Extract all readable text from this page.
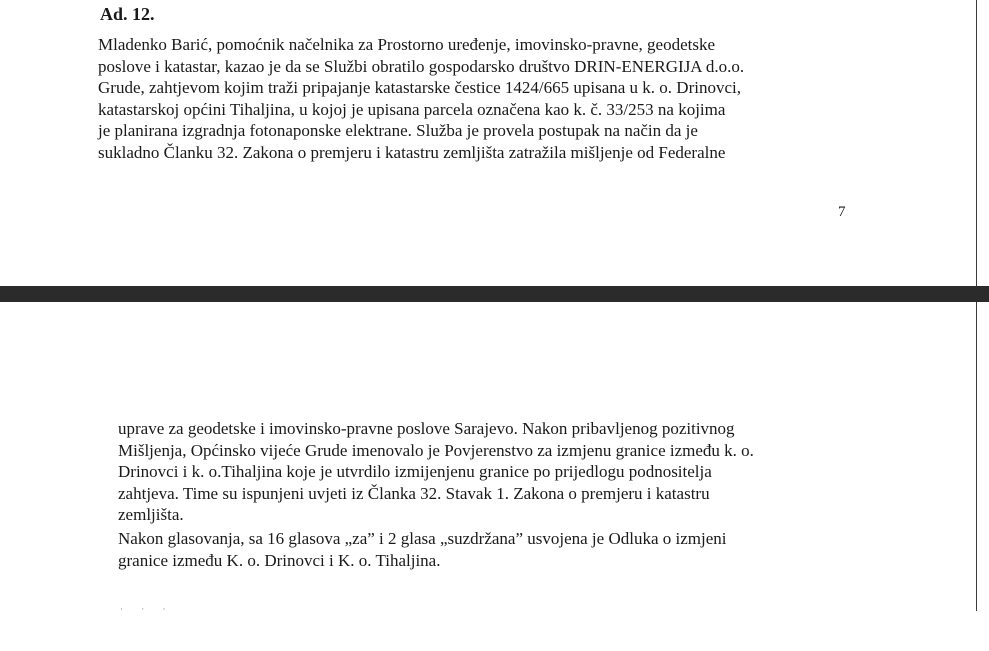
Ad. 12.
Mladenko Barić, pomoćnik načelnika za Prostorno uređenje, imovinsko-pravne, geodetske
poslove i katastar, kazao je da se Službi obratilo gospodarsko društvo DRIN-ENERGIJA d.o.o.
Grude, zahtjevom kojim traži pripajanje katastarske čestice 1424/665 upisana u k. o. Drinovci,
katastarskoj općini Tihaljina, u kojoj je upisana parcela označena kao k. č. 33/253 na kojima
je planirana izgradnja fotonaponske elektrane. Služba je provela postupak na način da je
sukladno Članku 32. Zakona o premjeru i katastru zemljišta zatražila mišljenje od Federalne
7
uprave za geodetske i imovinsko-pravne poslove Sarajevo. Nakon pribavljenog pozitivnog
Mišljenja, Općinsko vijeće Grude imenovalo je Povjerenstvo za izmjenu granice između k. o.
Drinovci i k. o.Tihaljina koje je utvrdilo izmijenjenu granice po prijedlogu podnositelja
zahtjeva. Time su ispunjeni uvjeti iz Članka 32. Stavak 1. Zakona o premjeru i katastru
zemljišta.
Nakon glasovanja, sa 16 glasova „za” i 2 glasa „suzdržana” usvojena je Odluka o izmjeni
granice između K. o. Drinovci i K. o. Tihaljina.
· · ·
